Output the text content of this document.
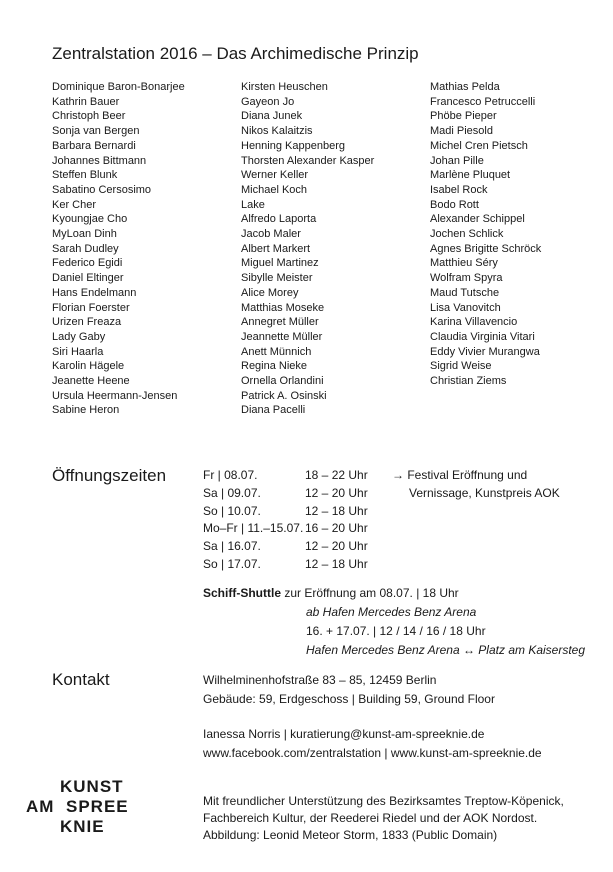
Zentralstation 2016 – Das Archimedische Prinzip
Dominique Baron-Bonarjee
Kathrin Bauer
Christoph Beer
Sonja van Bergen
Barbara Bernardi
Johannes Bittmann
Steffen Blunk
Sabatino Cersosimo
Ker Cher
Kyoungjae Cho
MyLoan Dinh
Sarah Dudley
Federico Egidi
Daniel Eltinger
Hans Endelmann
Florian Foerster
Urizen Freaza
Lady Gaby
Siri Haarla
Karolin Hägele
Jeanette Heene
Ursula Heermann-Jensen
Sabine Heron
Kirsten Heuschen
Gayeon Jo
Diana Junek
Nikos Kalaitzis
Henning Kappenberg
Thorsten Alexander Kasper
Werner Keller
Michael Koch
Lake
Alfredo Laporta
Jacob Maler
Albert Markert
Miguel Martinez
Sibylle Meister
Alice Morey
Matthias Moseke
Annegret Müller
Jeannette Müller
Anett Münnich
Regina Nieke
Ornella Orlandini
Patrick A. Osinski
Diana Pacelli
Mathias Pelda
Francesco Petruccelli
Phöbe Pieper
Madi Piesold
Michel Cren Pietsch
Johan Pille
Marlène Pluquet
Isabel Rock
Bodo Rott
Alexander Schippel
Jochen Schlick
Agnes Brigitte Schröck
Matthieu Séry
Wolfram Spyra
Maud Tutsche
Lisa Vanovitch
Karina Villavencio
Claudia Virginia Vitari
Eddy Vivier Murangwa
Sigrid Weise
Christian Ziems
Öffnungszeiten	Fr | 08.07.	18 – 22 Uhr
Sa | 09.07.	12 – 20 Uhr
So | 10.07.	12 – 18 Uhr
Mo–Fr | 11.–15.07. 16 – 20 Uhr
Sa | 16.07.	12 – 20 Uhr
So | 17.07.	12 – 18 Uhr
→ Festival Eröffnung und
Vernissage, Kunstpreis AOK
Schiff-Shuttle zur Eröffnung am 08.07. | 18 Uhr
ab Hafen Mercedes Benz Arena
16. + 17.07. | 12 / 14 / 16 / 18 Uhr
Hafen Mercedes Benz Arena ↔ Platz am Kaisersteg
Kontakt	Wilhelminenhofstraße 83 – 85, 12459 Berlin
Gebäude: 59, Erdgeschoss | Building 59, Ground Floor
Ianessa Norris | kuratierung@kunst-am-spreeknie.de
www.facebook.com/zentralstation | www.kunst-am-spreeknie.de
KUNST
AM SPREE
KNIE
Mit freundlicher Unterstützung des Bezirksamtes Treptow-Köpenick,
Fachbereich Kultur, der Reederei Riedel und der AOK Nordost.
Abbildung: Leonid Meteor Storm, 1833 (Public Domain)
